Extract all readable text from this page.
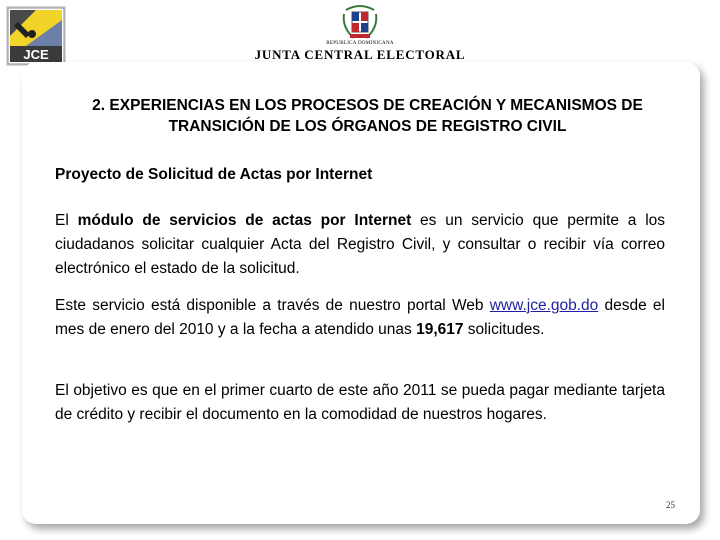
JCE
REPUBLICA DOMINICANA
JUNTA CENTRAL ELECTORAL
2. EXPERIENCIAS EN LOS PROCESOS DE CREACIÓN Y MECANISMOS DE
TRANSICIÓN DE LOS ÓRGANOS DE REGISTRO CIVIL
Proyecto de Solicitud de Actas por Internet
El módulo de servicios de actas por Internet es un servicio que permite a los ciudadanos solicitar cualquier Acta del Registro Civil, y consultar o recibir vía correo electrónico el estado de la solicitud.
Este servicio está disponible a través de nuestro portal Web www.jce.gob.do desde el mes de enero del 2010 y a la fecha a atendido unas 19,617 solicitudes.
El objetivo es que en el primer cuarto de este año 2011 se pueda pagar mediante tarjeta de crédito y recibir el documento en la comodidad de nuestros hogares.
25
